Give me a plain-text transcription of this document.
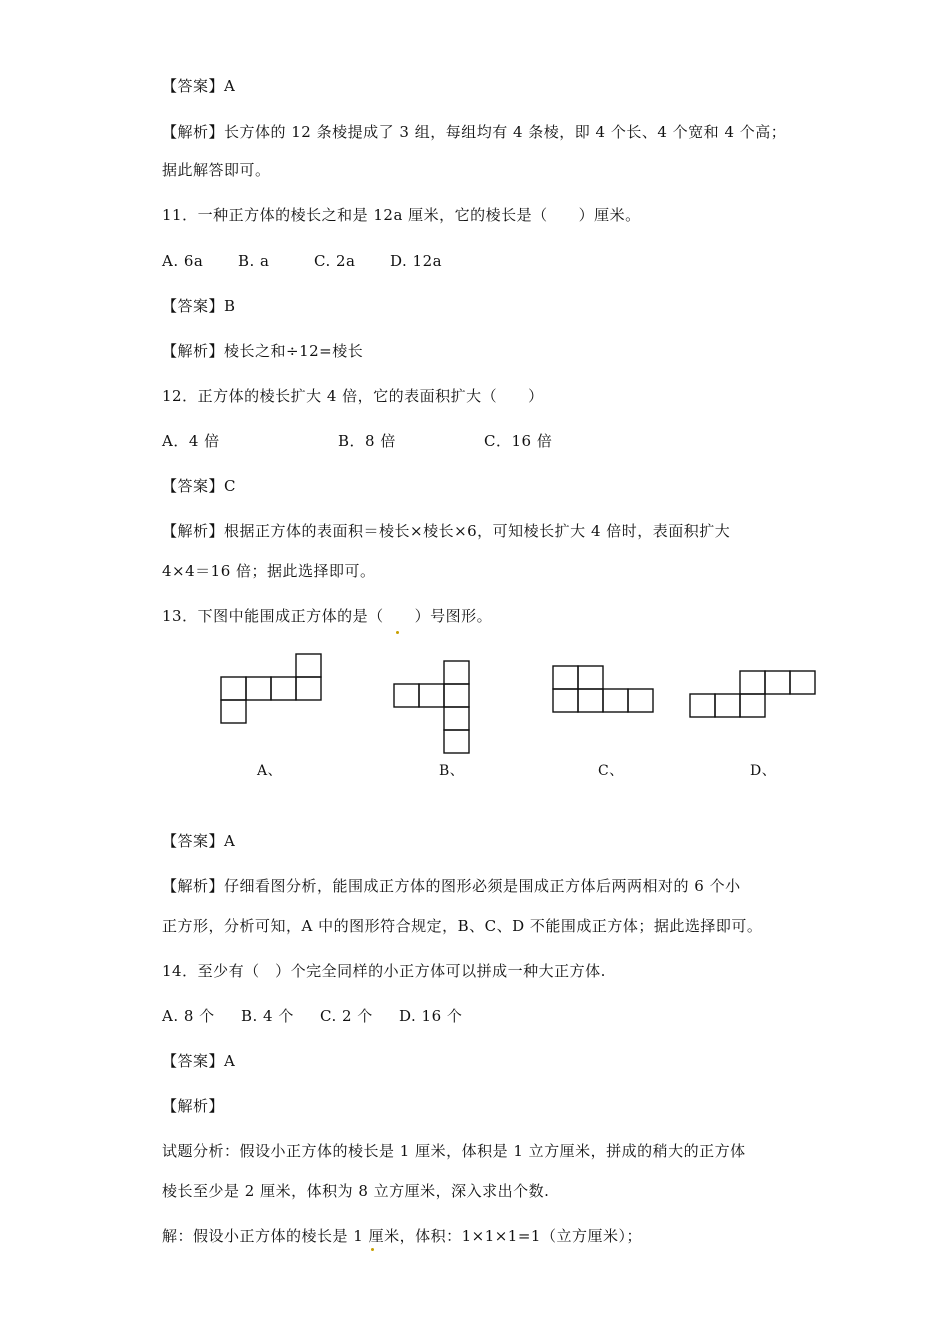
【答案】A
【解析】长方体的 12 条棱提成了 3 组，每组均有 4 条棱，即 4 个长、4 个宽和 4 个高；
据此解答即可。
11．一种正方体的棱长之和是 12a 厘米，它的棱长是（　　）厘米。
A. 6a B. a	C. 2a D. 12a
【答案】B
【解析】棱长之和÷12=棱长
12．正方体的棱长扩大 4 倍，它的表面积扩大（　　）
A．4 倍	B．8 倍	C．16 倍
【答案】C
【解析】根据正方体的表面积＝棱长×棱长×6，可知棱长扩大 4 倍时，表面积扩大
4×4＝16 倍；据此选择即可。
13．下图中能围成正方体的是（　　）号图形。
A、	B、	C、	D、
【答案】A
【解析】仔细看图分析，能围成正方体的图形必须是围成正方体后两两相对的 6 个小
正方形，分析可知，A 中的图形符合规定，B、C、D 不能围成正方体；据此选择即可。
14．至少有（　）个完全同样的小正方体可以拼成一种大正方体.
A. 8 个 B. 4 个 C. 2 个 D. 16 个
【答案】A
【解析】
试题分析：假设小正方体的棱长是 1 厘米，体积是 1 立方厘米，拼成的稍大的正方体
棱长至少是 2 厘米，体积为 8 立方厘米，深入求出个数.
解：假设小正方体的棱长是 1 厘米，体积：1×1×1=1（立方厘米）；
